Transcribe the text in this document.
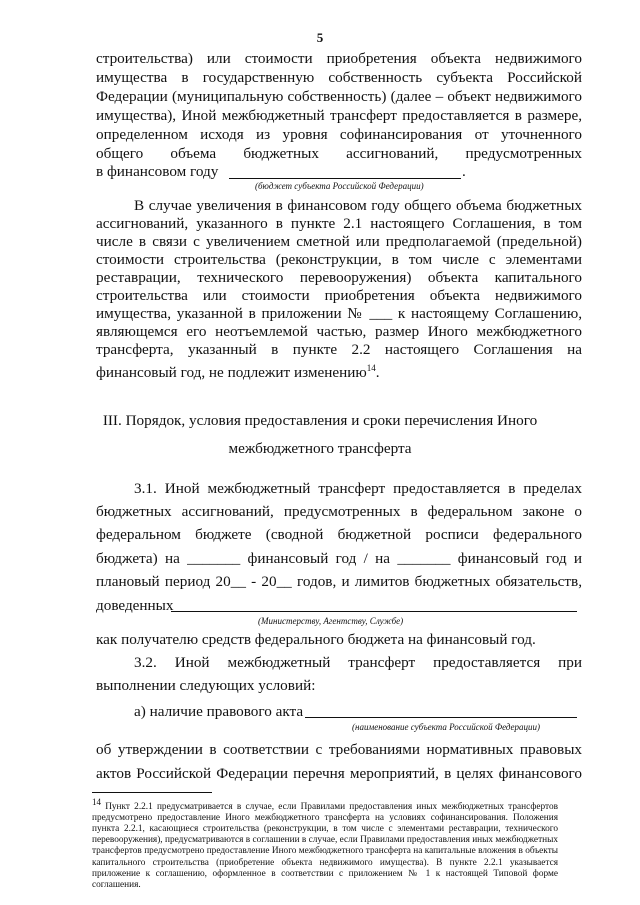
5
строительства) или стоимости приобретения объекта недвижимого
имущества в государственную собственность субъекта Российской
Федерации (муниципальную собственность) (далее – объект недвижимого
имущества), Иной межбюджетный трансферт предоставляется в размере,
определенном исходя из уровня софинансирования от уточненного
общего объема бюджетных ассигнований, предусмотренных
в финансовом году	.
(бюджет субъекта Российской Федерации)
В случае увеличения в финансовом году общего объема бюджетных
ассигнований, указанного в пункте 2.1 настоящего Соглашения, в том
числе в связи с увеличением сметной или предполагаемой (предельной)
стоимости строительства (реконструкции, в том числе с элементами
реставрации, технического перевооружения) объекта капитального
строительства или стоимости приобретения объекта недвижимого
имущества, указанной в приложении № ___ к настоящему Соглашению,
являющемся его неотъемлемой частью, размер Иного межбюджетного
трансферта, указанный в пункте 2.2 настоящего Соглашения на
финансовый год, не подлежит изменению$^{14}$.
III. Порядок, условия предоставления и сроки перечисления Иного
межбюджетного трансферта
3.1. Иной межбюджетный трансферт предоставляется в пределах
бюджетных ассигнований, предусмотренных в федеральном законе о
федеральном бюджете (сводной бюджетной росписи федерального
бюджета) на _______ финансовый год / на _______ финансовый год и
плановый период 20__ - 20__ годов, и лимитов бюджетных обязательств,
доведенных
(Министерству, Агентству, Службе)
как получателю средств федерального бюджета на финансовый год.
3.2. Иной межбюджетный трансферт предоставляется при
выполнении следующих условий:
а) наличие правового акта
(наименование субъекта Российской Федерации)
об утверждении в соответствии с требованиями нормативных правовых
актов Российской Федерации перечня мероприятий, в целях финансового
$^{14}$ Пункт 2.2.1 предусматривается в случае, если Правилами предоставления иных межбюджетных трансфертов предусмотрено предоставление Иного межбюджетного трансферта на условиях софинансирования. Положения пункта 2.2.1, касающиеся строительства (реконструкции, в том числе с элементами реставрации, технического перевооружения), предусматриваются в соглашении в случае, если Правилами предоставления иных межбюджетных трансфертов предусмотрено предоставление Иного межбюджетного трансферта на капитальные вложения в объекты капитального строительства (приобретение объекта недвижимого имущества). В пункте 2.2.1 указывается приложение к соглашению, оформленное в соответствии с приложением № 1 к настоящей Типовой форме соглашения.
